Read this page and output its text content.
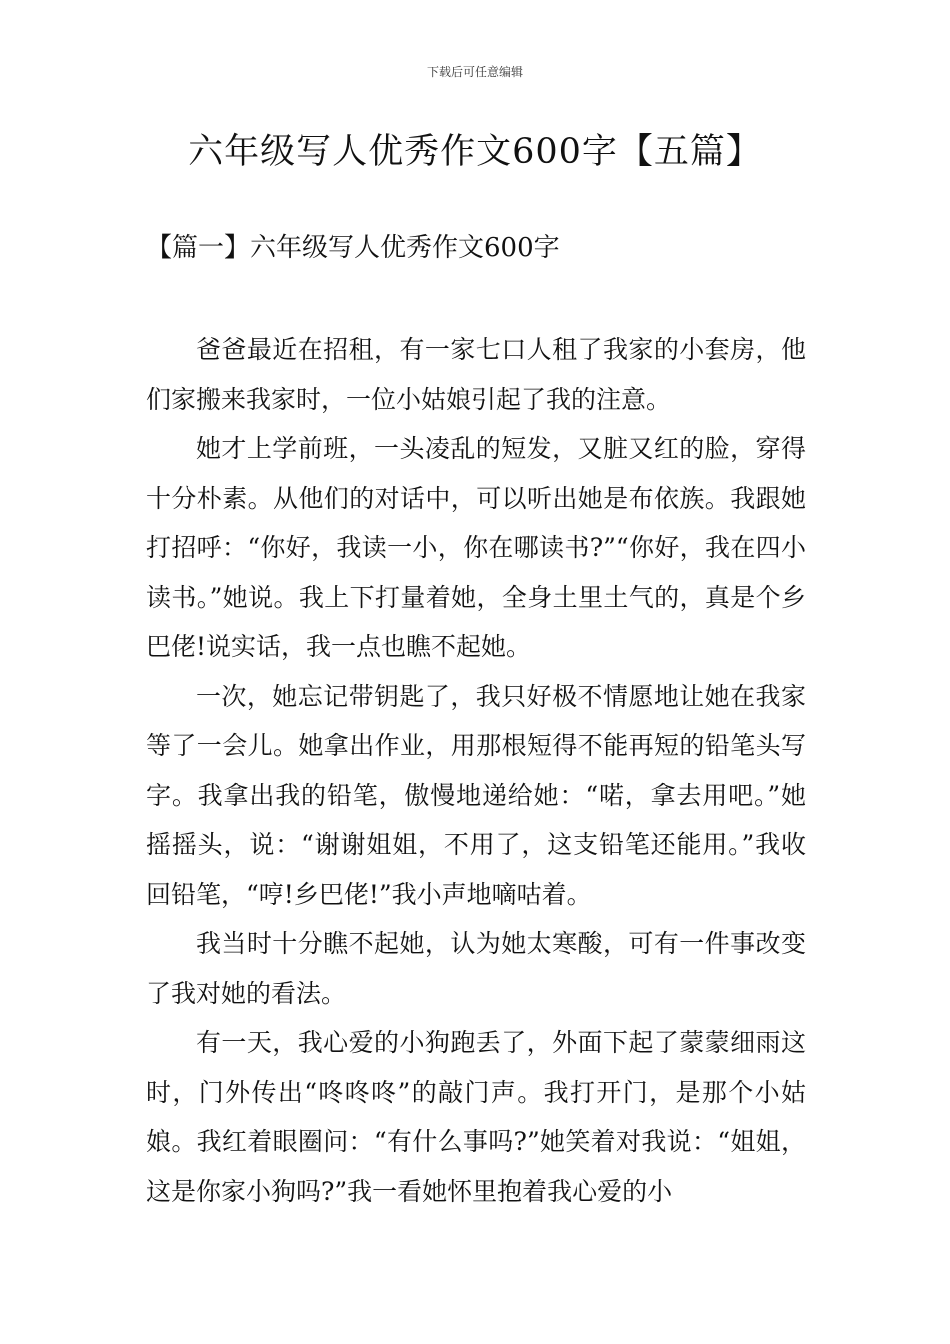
下载后可任意编辑
六年级写人优秀作文600字【五篇】
【篇一】六年级写人优秀作文600字

爸爸最近在招租，有一家七口人租了我家的小套房，他们家搬来我家时，一位小姑娘引起了我的注意。

她才上学前班，一头凌乱的短发，又脏又红的脸，穿得十分朴素。从他们的对话中，可以听出她是布依族。我跟她打招呼：“你好，我读一小，你在哪读书?”“你好，我在四小读书。”她说。我上下打量着她，全身土里土气的，真是个乡巴佬!说实话，我一点也瞧不起她。

一次，她忘记带钥匙了，我只好极不情愿地让她在我家等了一会儿。她拿出作业，用那根短得不能再短的铅笔头写字。我拿出我的铅笔，傲慢地递给她：“喏，拿去用吧。”她摇摇头，说：“谢谢姐姐，不用了，这支铅笔还能用。”我收回铅笔，“哼!乡巴佬!”我小声地嘀咕着。

我当时十分瞧不起她，认为她太寒酸，可有一件事改变了我对她的看法。

有一天，我心爱的小狗跑丢了，外面下起了蒙蒙细雨这时，门外传出“咚咚咚”的敲门声。我打开门，是那个小姑娘。我红着眼圈问：“有什么事吗?”她笑着对我说：“姐姐，这是你家小狗吗?”我一看她怀里抱着我心爱的小
